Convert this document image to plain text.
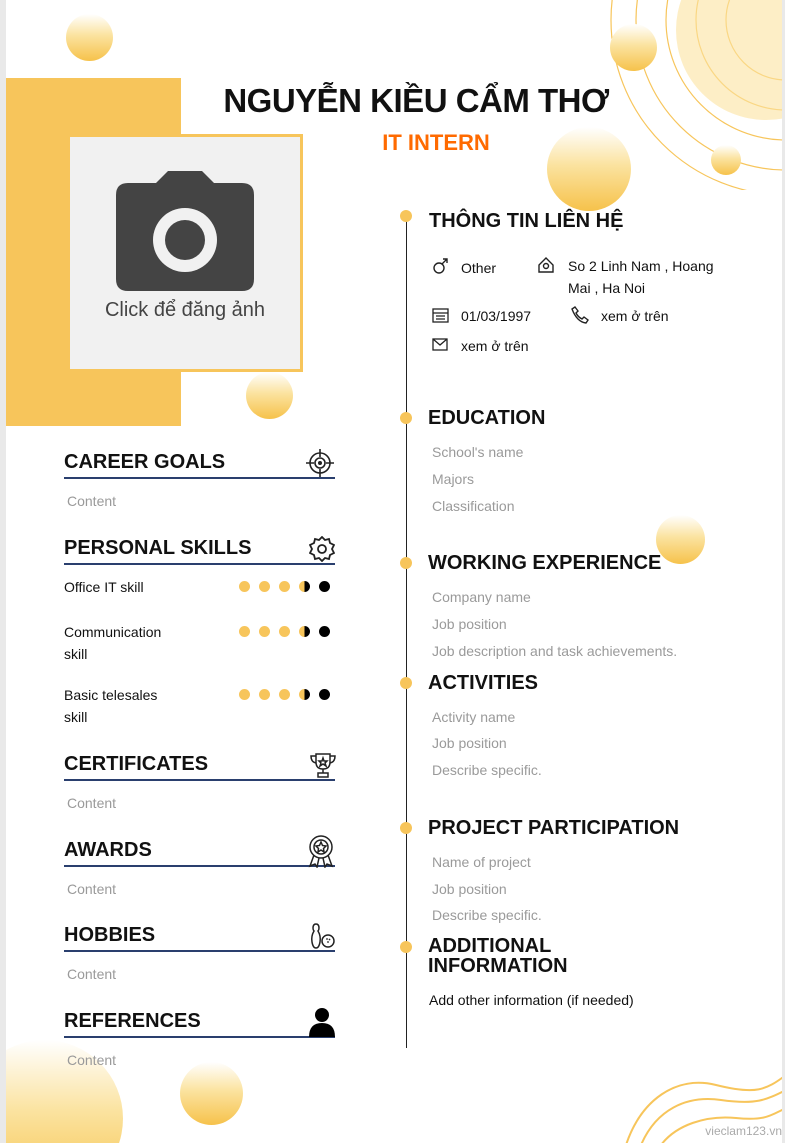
Click để đăng ảnh
NGUYỄN KIỀU CẨM THƠ
IT INTERN
THÔNG TIN LIÊN HỆ
Other	So 2 Linh Nam , Hoang Mai , Ha Noi
01/03/1997	xem ở trên
xem ở trên
EDUCATION
School's name
Majors
Classification
WORKING EXPERIENCE
Company name
Job position
Job description and task achievements.
ACTIVITIES
Activity name
Job position
Describe specific.
PROJECT PARTICIPATION
Name of project
Job position
Describe specific.
ADDITIONAL
INFORMATION
Add other information (if needed)
CAREER GOALS
Content
PERSONAL SKILLS
Office IT skill
Communication
skill
Basic telesales
skill
CERTIFICATES
Content
AWARDS
Content
HOBBIES
Content
REFERENCES
Content
vieclam123.vn
